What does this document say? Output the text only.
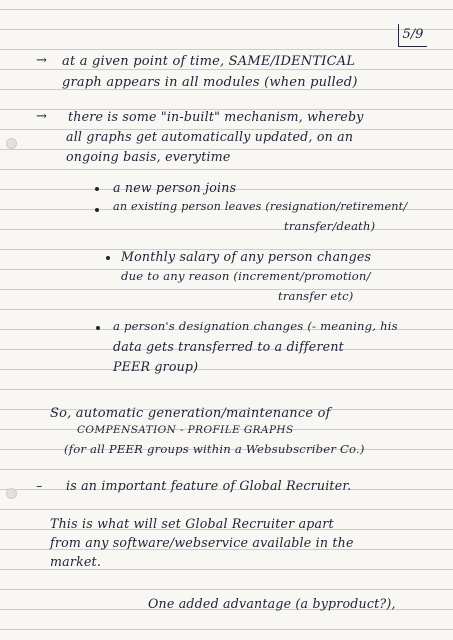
5/9
→ at a given point of time, SAME/IDENTICAL
graph appears in all modules (when pulled)
→ there is some "in-built" mechanism, whereby
all graphs get automatically updated, on an
ongoing basis, everytime
a new person joins
an existing person leaves (resignation/retirement/
transfer/death)
Monthly salary of any person changes
due to any reason (increment/promotion/
transfer etc)
a person's designation changes (- meaning, his
data gets transferred to a different
PEER group)
So, automatic generation/maintenance of
COMPENSATION - PROFILE GRAPHS
(for all PEER groups within a Websubscriber Co.)
– is an important feature of Global Recruiter.
This is what will set Global Recruiter apart
from any software/webservice available in the
market.
One added advantage (a byproduct?),
